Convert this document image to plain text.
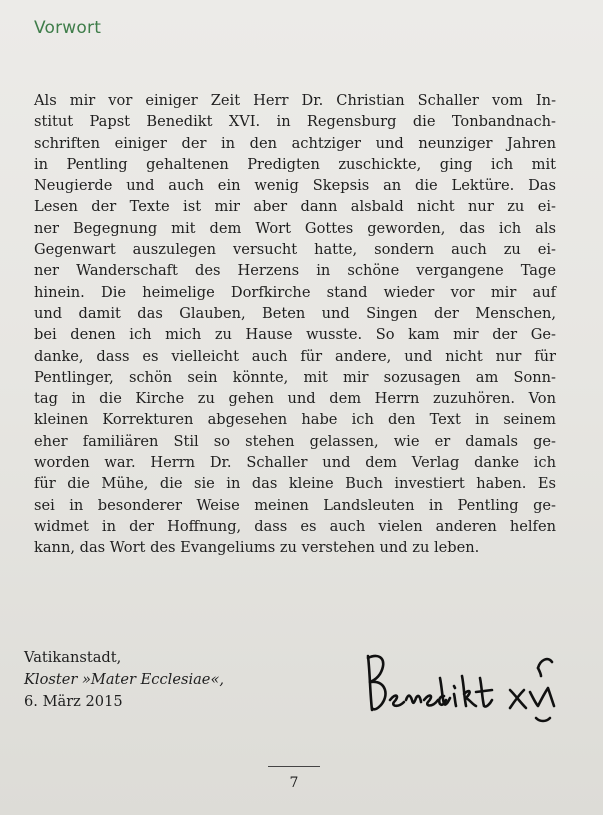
Vorwort
Als mir vor einiger Zeit Herr Dr. Christian Schaller vom In-
stitut Papst Benedikt XVI. in Regensburg die Tonbandnach-
schriften einiger der in den achtziger und neunziger Jahren
in Pentling gehaltenen Predigten zuschickte, ging ich mit
Neugierde und auch ein wenig Skepsis an die Lektüre. Das
Lesen der Texte ist mir aber dann alsbald nicht nur zu ei-
ner Begegnung mit dem Wort Gottes geworden, das ich als
Gegenwart auszulegen versucht hatte, sondern auch zu ei-
ner Wanderschaft des Herzens in schöne vergangene Tage
hinein. Die heimelige Dorfkirche stand wieder vor mir auf
und damit das Glauben, Beten und Singen der Menschen,
bei denen ich mich zu Hause wusste. So kam mir der Ge-
danke, dass es vielleicht auch für andere, und nicht nur für
Pentlinger, schön sein könnte, mit mir sozusagen am Sonn-
tag in die Kirche zu gehen und dem Herrn zuzuhören. Von
kleinen Korrekturen abgesehen habe ich den Text in seinem
eher familiären Stil so stehen gelassen, wie er damals ge-
worden war. Herrn Dr. Schaller und dem Verlag danke ich
für die Mühe, die sie in das kleine Buch investiert haben. Es
sei in besonderer Weise meinen Landsleuten in Pentling ge-
widmet in der Hoffnung, dass es auch vielen anderen helfen
kann, das Wort des Evangeliums zu verstehen und zu leben.
Vatikanstadt,
Kloster »Mater Ecclesiae«,
6. März 2015
7
